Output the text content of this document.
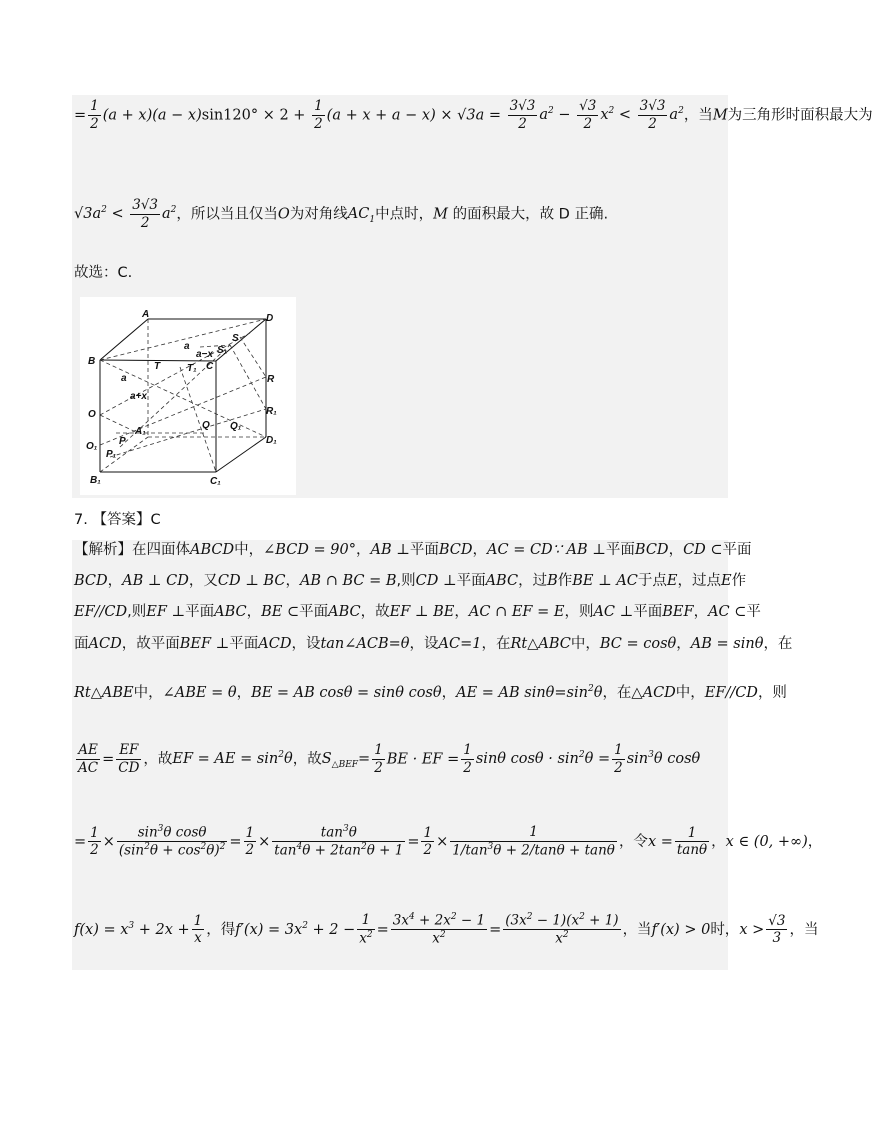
= $\frac{1}{2} (a + x)(a - x)\sin 120^\circ \times 2 + \frac{1}{2} (a + x + a - x) \times √3a = \frac{3√3}{2} a^2 - \frac{√3}{2} x^2 < \frac{3√3}{2} a^2$，当M为三角形时面积最大为
$√3a^2 < \frac{3√3}{2} a^2$，所以当且仅当O为对角线$AC_1$中点时，M 的面积最大，故 D 正确.
故选：C.
A	D
B
S
S₁
a
a−x
T	T₁ C
R
a
a+x
R₁
O
Q Q₁
A₁
D₁
O₁ P
P₁
B₁	C₁
7. 【答案】C
【解析】在四面体ABCD中，∠BCD = 90°，AB ⊥平面BCD，AC = CD∵ AB ⊥平面BCD，CD ⊂平面
BCD，AB ⊥ CD，又CD ⊥ BC，AB ∩ BC = B,则CD ⊥平面ABC，过B作BE ⊥ AC于点E，过点E作
EF//CD,则EF ⊥平面ABC，BE ⊂平面ABC，故EF ⊥ BE，AC ∩ EF = E，则AC ⊥平面BEF，AC ⊂平
面ACD，故平面BEF ⊥平面ACD，设tan∠ACB=θ，设AC=1，在Rt△ABC中，BC = cosθ，AB = sinθ，在
Rt△ABE中，∠ABE = θ，BE = AB cosθ = sinθ cosθ，AE = AB $\sin\theta=\sin^2\theta$，在△ACD中，EF//CD，则
$\frac{AE}{AC} = \frac{EF}{CD}$ ，故EF = AE = $\sin^2\theta$，故$S_{\triangle BEF}= \frac{1}{2}$ BE · EF = $\frac{1}{2}$ sinθ $\cos\theta \cdot \sin^2\theta = \frac{1}{2} \sin^3\theta$ cosθ
= $\frac{1}{2} \times \frac{\sin^3\theta \cos\theta}{(\sin^2\theta + \cos^2\theta)^2} = \frac{1}{2} \times \frac{\tan^3\theta}{\tan^4\theta + 2\tan^2\theta + 1} = \frac{1}{2} \times \frac{1}{1/\tan^3\theta + 2/\tan\theta + \tan\theta}$ ，令$x = \frac{1}{\tan\theta}$ ，x ∈ (0, +∞)，
$f(x) = x^3 + 2x + \frac{1}{x}$ ，得$f'(x) = 3x^2 + 2 - \frac{1}{x^2} = \frac{3x^4 + 2x^2 - 1}{x^2} = \frac{(3x^2 - 1)(x^2 + 1)}{x^2}$ ，当f′(x) > 0时，$x > \frac{√3}{3}$ ，当
